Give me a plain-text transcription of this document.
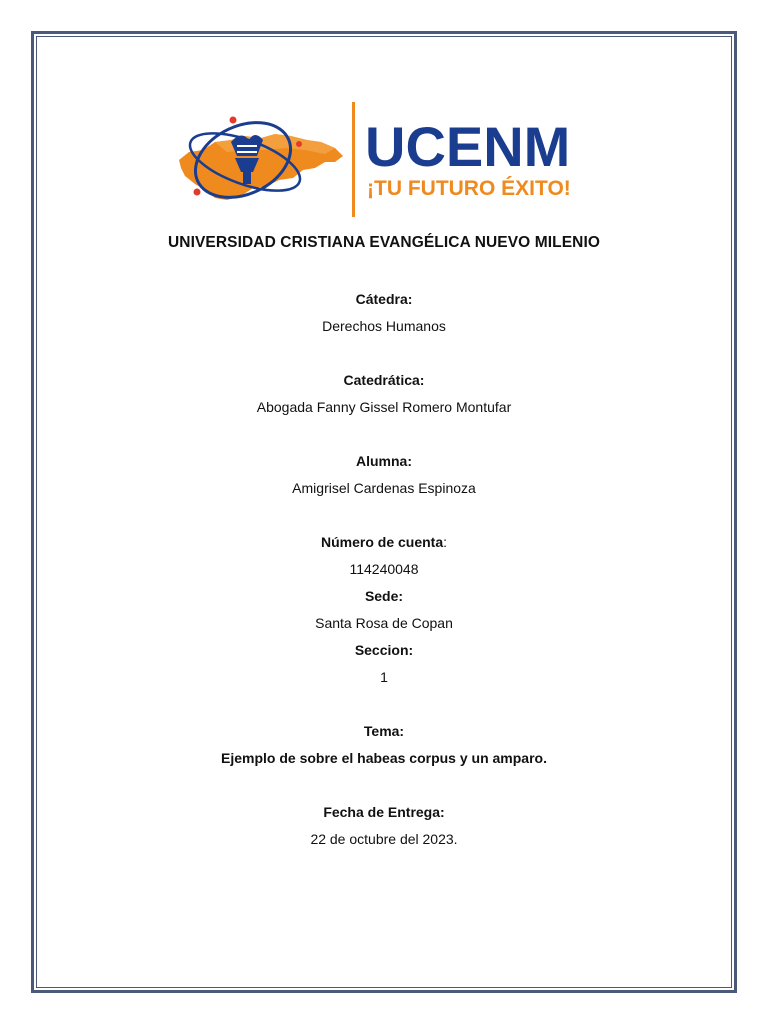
UCENM
¡TU FUTURO ÉXITO!
UNIVERSIDAD CRISTIANA EVANGÉLICA NUEVO MILENIO
Cátedra:
Derechos Humanos
Catedrática:
Abogada Fanny Gissel Romero Montufar
Alumna:
Amigrisel Cardenas Espinoza
Número de cuenta:
114240048
Sede:
Santa Rosa de Copan
Seccion:
1
Tema:
Ejemplo de sobre el habeas corpus y un amparo.
Fecha de Entrega:
22 de octubre del 2023.
